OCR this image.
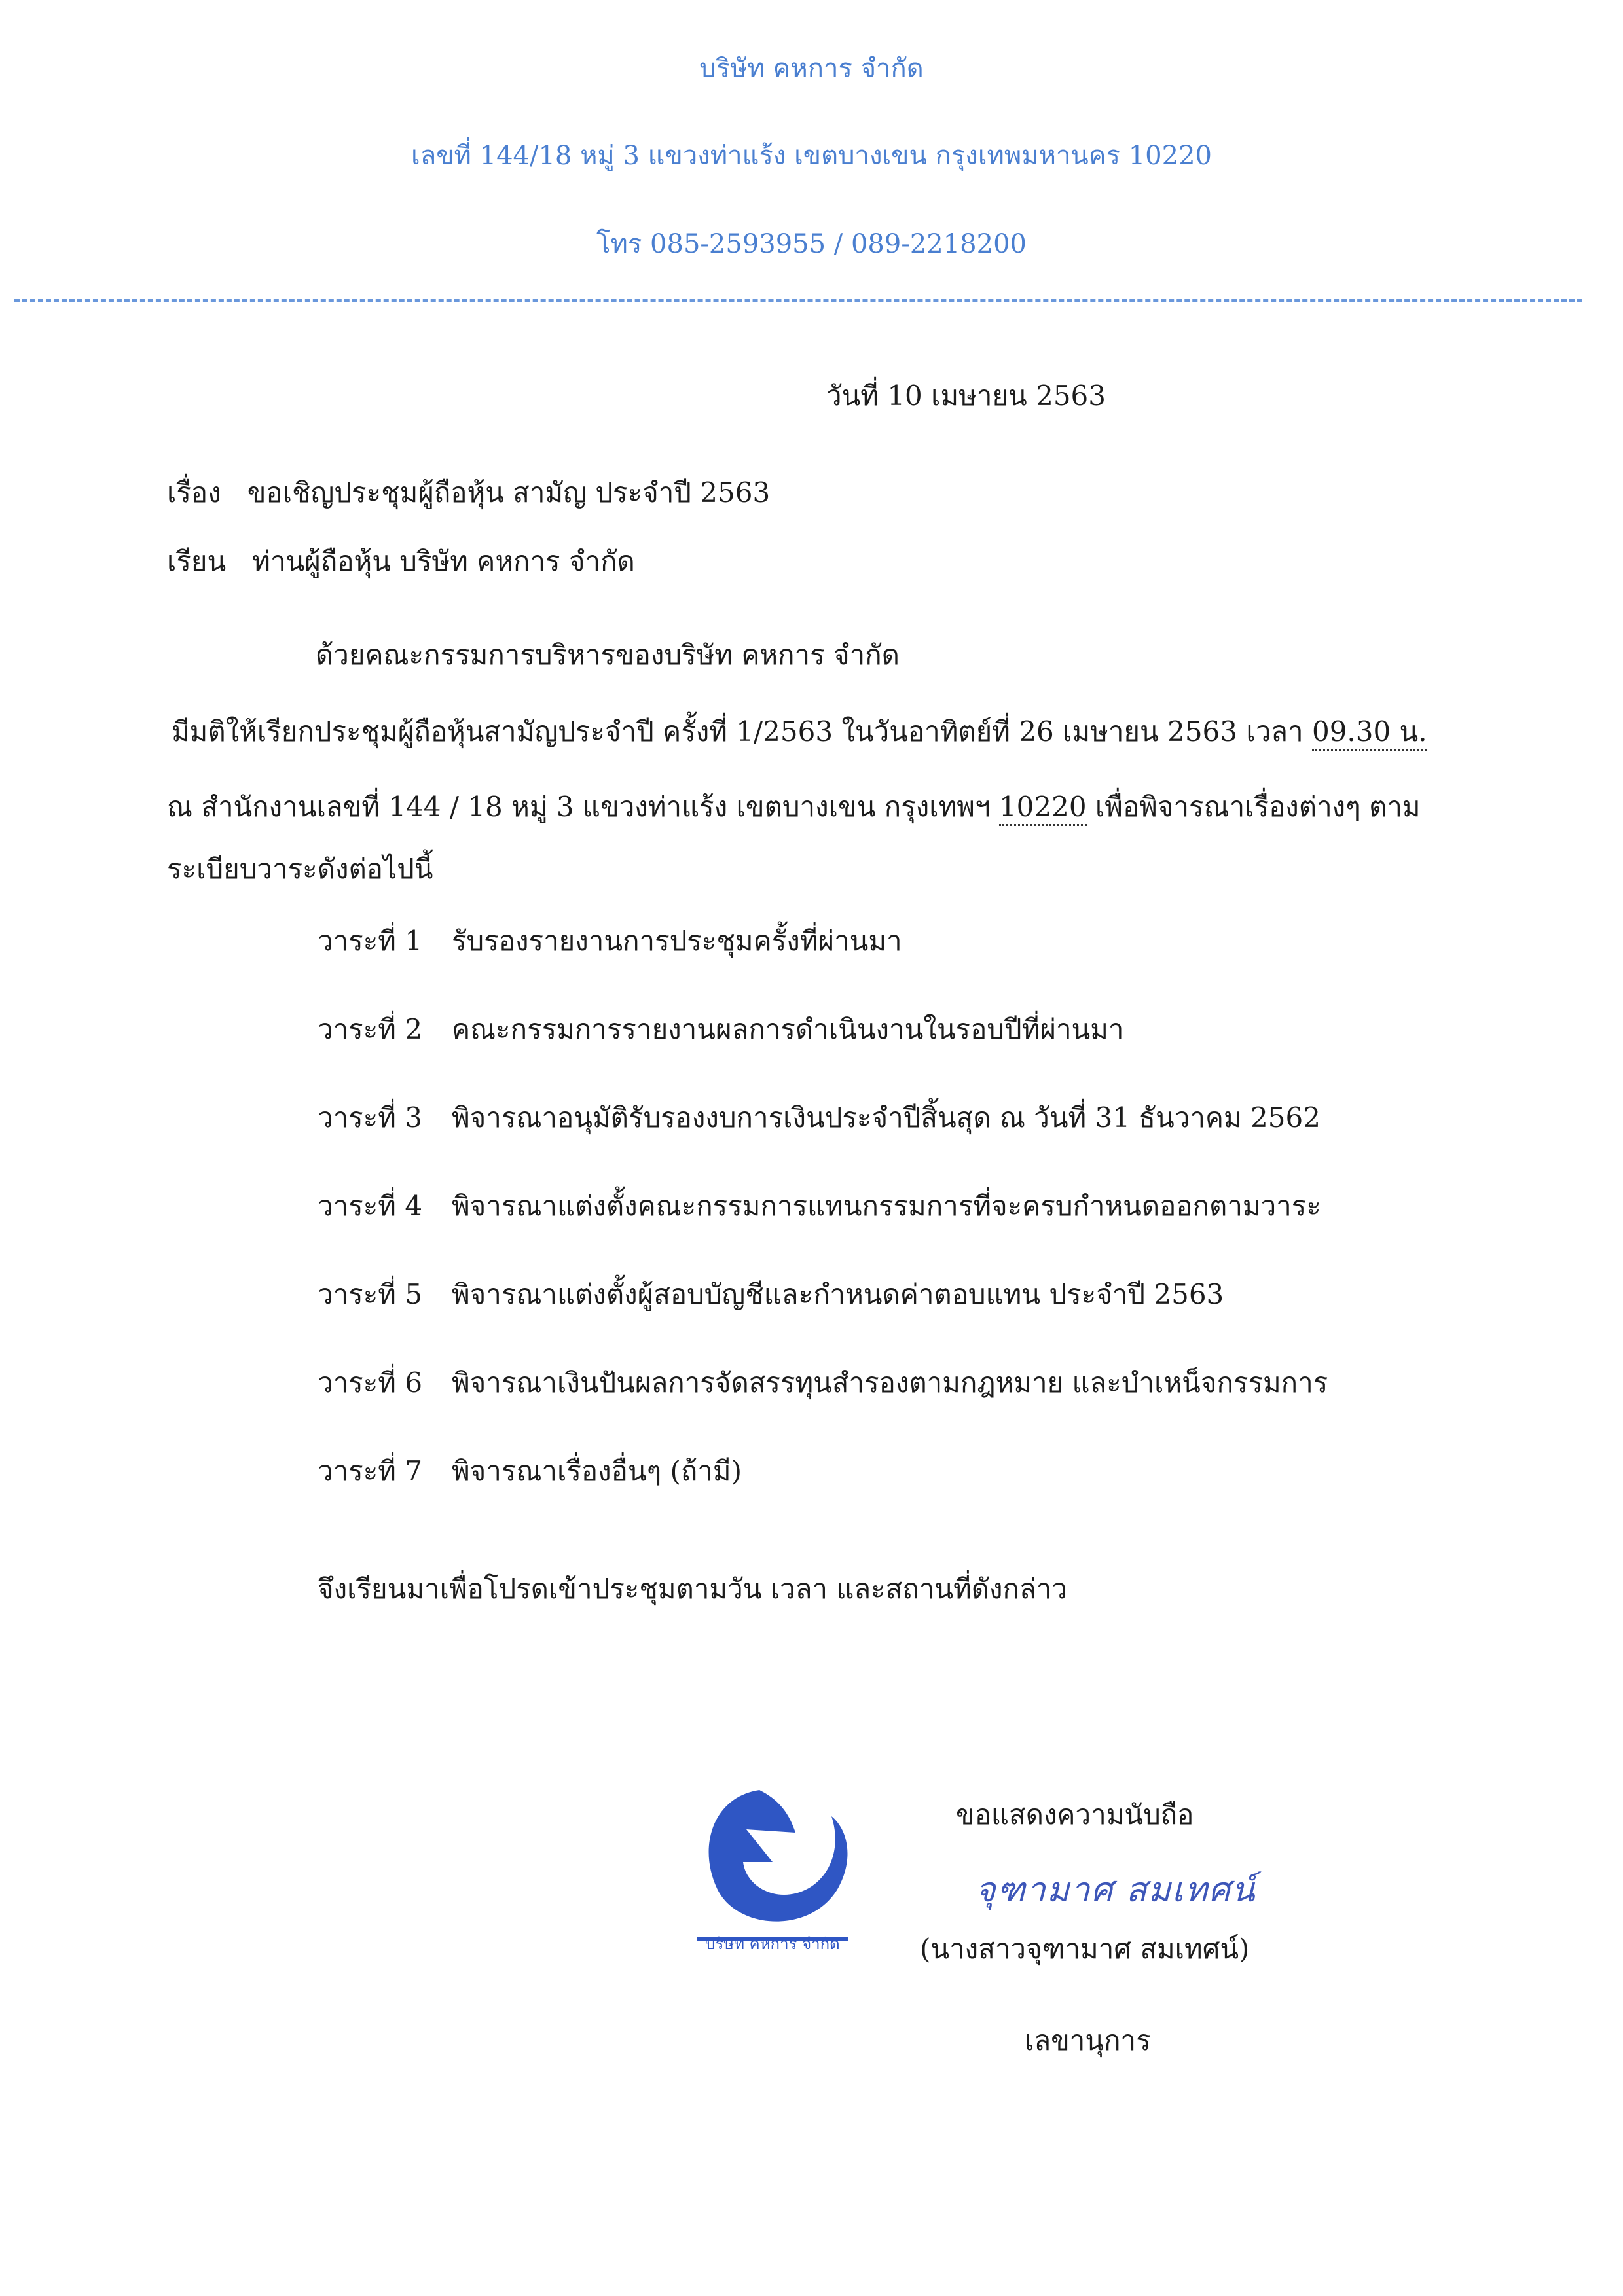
บริษัท คหการ จำกัด
เลขที่ 144/18 หมู่ 3 แขวงท่าแร้ง เขตบางเขน กรุงเทพมหานคร 10220
โทร 085-2593955 / 089-2218200
วันที่ 10 เมษายน 2563
เรื่อง ขอเชิญประชุมผู้ถือหุ้น สามัญ ประจำปี 2563
เรียน ท่านผู้ถือหุ้น บริษัท คหการ จำกัด
ด้วยคณะกรรมการบริหารของบริษัท คหการ จำกัด
มีมติให้เรียกประชุมผู้ถือหุ้นสามัญประจำปี ครั้งที่ 1/2563 ในวันอาทิตย์ที่ 26 เมษายน 2563 เวลา 09.30 น.
ณ สำนักงานเลขที่ 144 / 18 หมู่ 3 แขวงท่าแร้ง เขตบางเขน กรุงเทพฯ 10220 เพื่อพิจารณาเรื่องต่างๆ ตาม
ระเบียบวาระดังต่อไปนี้
วาระที่ 1 รับรองรายงานการประชุมครั้งที่ผ่านมา
วาระที่ 2 คณะกรรมการรายงานผลการดำเนินงานในรอบปีที่ผ่านมา
วาระที่ 3 พิจารณาอนุมัติรับรองงบการเงินประจำปีสิ้นสุด ณ วันที่ 31 ธันวาคม 2562
วาระที่ 4 พิจารณาแต่งตั้งคณะกรรมการแทนกรรมการที่จะครบกำหนดออกตามวาระ
วาระที่ 5 พิจารณาแต่งตั้งผู้สอบบัญชีและกำหนดค่าตอบแทน ประจำปี 2563
วาระที่ 6 พิจารณาเงินปันผลการจัดสรรทุนสำรองตามกฎหมาย และบำเหน็จกรรมการ
วาระที่ 7 พิจารณาเรื่องอื่นๆ (ถ้ามี)
จึงเรียนมาเพื่อโปรดเข้าประชุมตามวัน เวลา และสถานที่ดังกล่าว
บริษัท คหการ จำกัด
ขอแสดงความนับถือ
จุฑามาศ สมเทศน์
(นางสาวจุฑามาศ สมเทศน์)
เลขานุการ
